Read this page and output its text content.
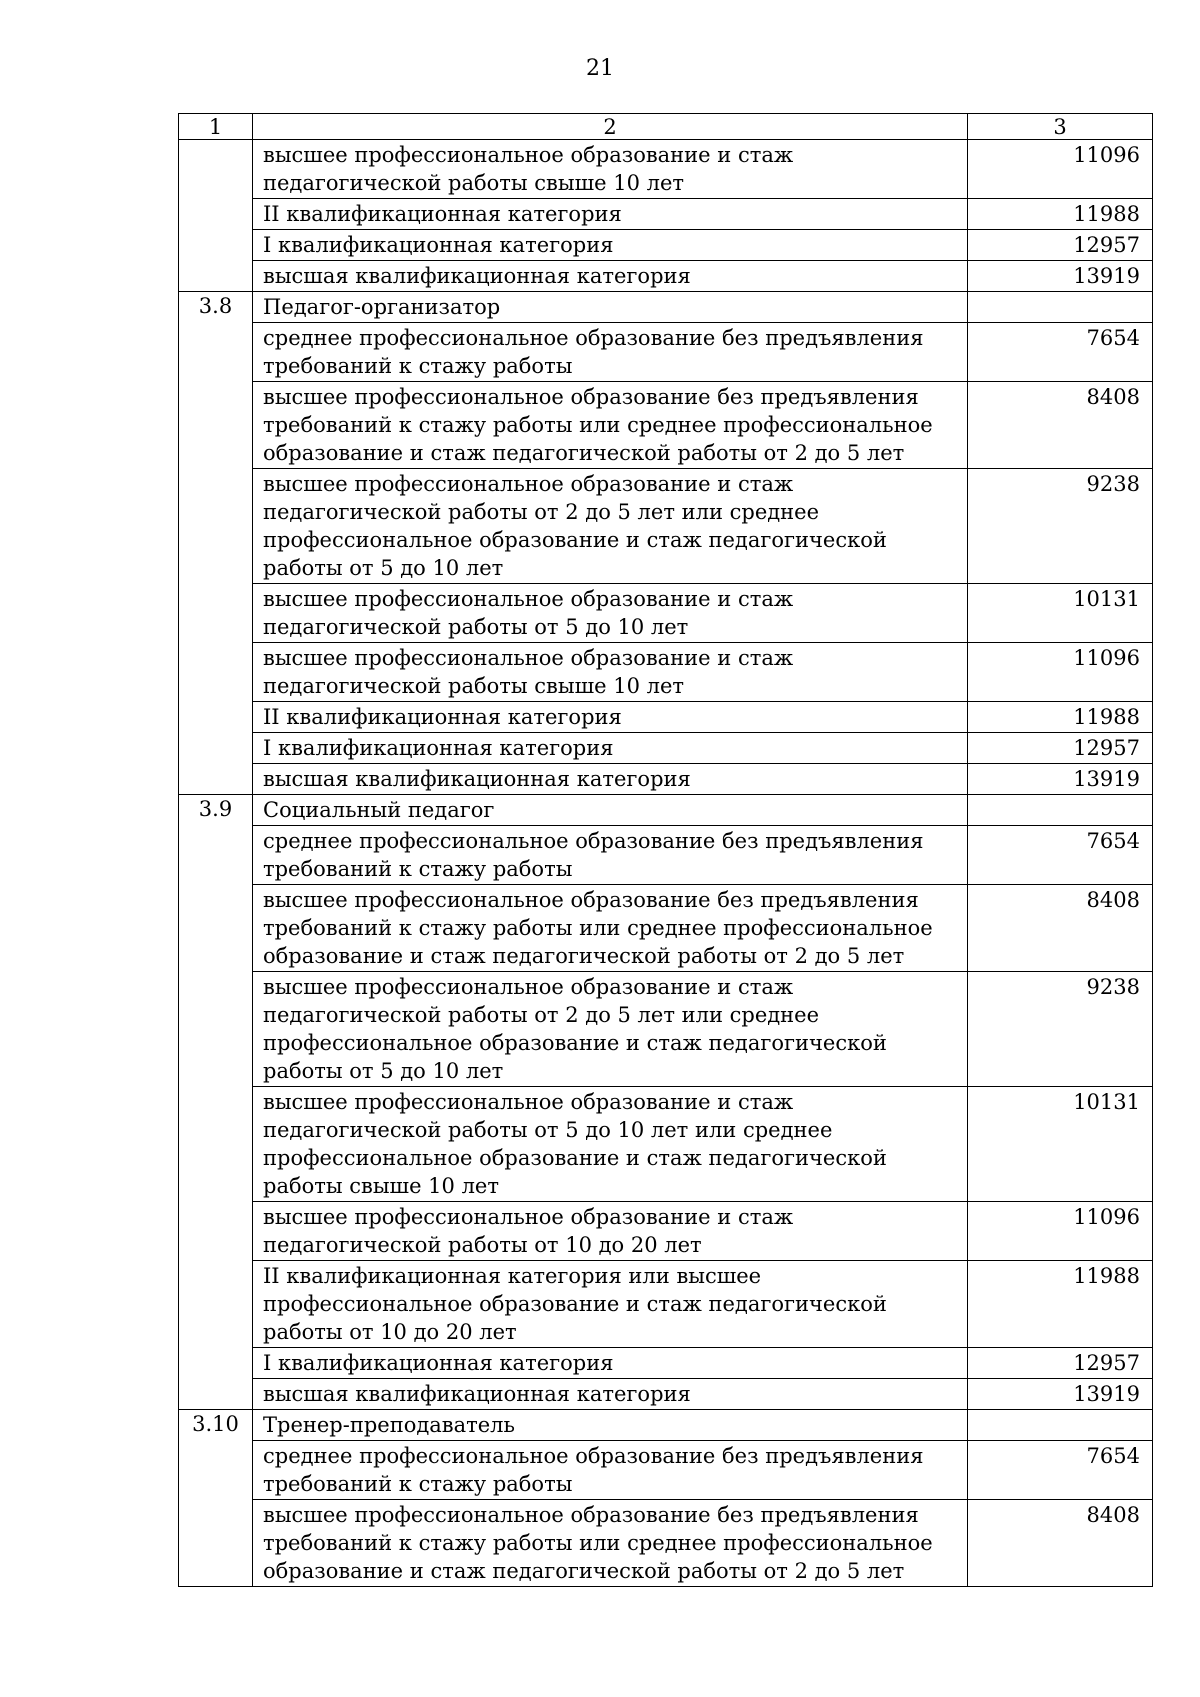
21
1	2	3
	высшее профессиональное образование и стаж педагогической работы свыше 10 лет	11096
	II квалификационная категория	11988
	I квалификационная категория	12957
	высшая квалификационная категория	13919
3.8	Педагог-организатор	
	среднее профессиональное образование без предъявления требований к стажу работы	7654
	высшее профессиональное образование без предъявления требований к стажу работы или среднее профессиональное образование и стаж педагогической работы от 2 до 5 лет	8408
	высшее профессиональное образование и стаж педагогической работы от 2 до 5 лет или среднее профессиональное образование и стаж педагогической работы от 5 до 10 лет	9238
	высшее профессиональное образование и стаж педагогической работы от 5 до 10 лет	10131
	высшее профессиональное образование и стаж педагогической работы свыше 10 лет	11096
	II квалификационная категория	11988
	I квалификационная категория	12957
	высшая квалификационная категория	13919
3.9	Социальный педагог	
	среднее профессиональное образование без предъявления требований к стажу работы	7654
	высшее профессиональное образование без предъявления требований к стажу работы или среднее профессиональное образование и стаж педагогической работы от 2 до 5 лет	8408
	высшее профессиональное образование и стаж педагогической работы от 2 до 5 лет или среднее профессиональное образование и стаж педагогической работы от 5 до 10 лет	9238
	высшее профессиональное образование и стаж педагогической работы от 5 до 10 лет или среднее профессиональное образование и стаж педагогической работы свыше 10 лет	10131
	высшее профессиональное образование и стаж педагогической работы от 10 до 20 лет	11096
	II квалификационная категория или высшее профессиональное образование и стаж педагогической работы от 10 до 20 лет	11988
	I квалификационная категория	12957
	высшая квалификационная категория	13919
3.10	Тренер-преподаватель	
	среднее профессиональное образование без предъявления требований к стажу работы	7654
	высшее профессиональное образование без предъявления требований к стажу работы или среднее профессиональное образование и стаж педагогической работы от 2 до 5 лет	8408
